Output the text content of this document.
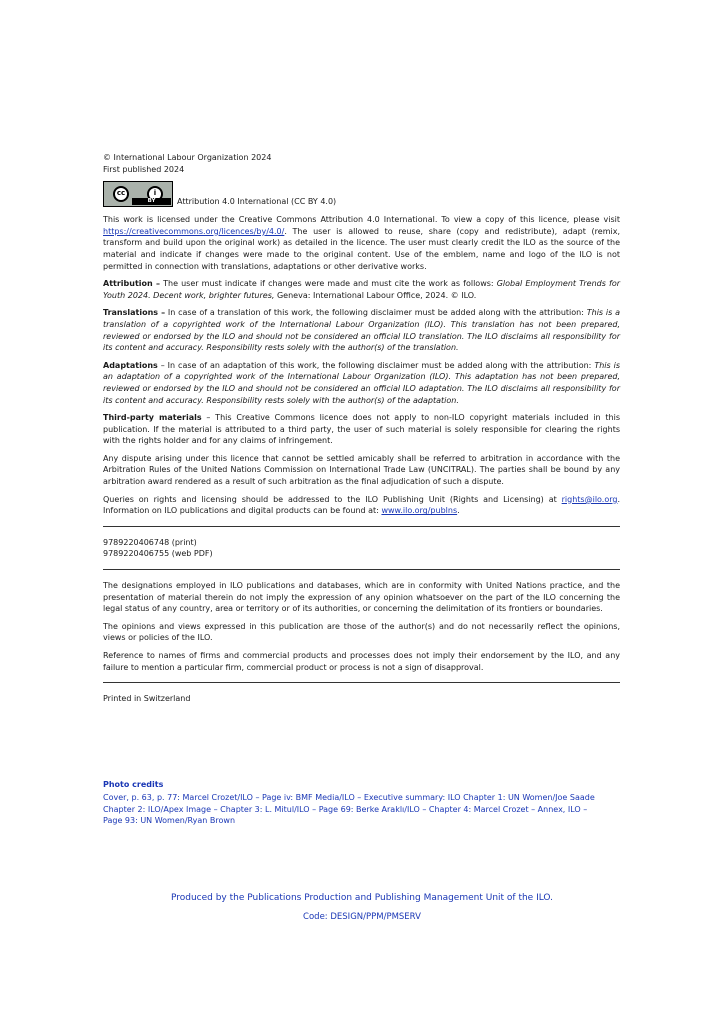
© International Labour Organization 2024
First published 2024
cc	i
BY	Attribution 4.0 International (CC BY 4.0)

This work is licensed under the Creative Commons Attribution 4.0 International. To view a copy of this licence, please visit https://creativecommons.org/licences/by/4.0/. The user is allowed to reuse, share (copy and redistribute), adapt (remix, transform and build upon the original work) as detailed in the licence. The user must clearly credit the ILO as the source of the material and indicate if changes were made to the original content. Use of the emblem, name and logo of the ILO is not permitted in connection with translations, adaptations or other derivative works.

Attribution – The user must indicate if changes were made and must cite the work as follows: Global Employment Trends for Youth 2024. Decent work, brighter futures, Geneva: International Labour Office, 2024. © ILO.

Translations – In case of a translation of this work, the following disclaimer must be added along with the attribution: This is a translation of a copyrighted work of the International Labour Organization (ILO). This translation has not been prepared, reviewed or endorsed by the ILO and should not be considered an official ILO translation. The ILO disclaims all responsibility for its content and accuracy. Responsibility rests solely with the author(s) of the translation.

Adaptations – In case of an adaptation of this work, the following disclaimer must be added along with the attribution: This is an adaptation of a copyrighted work of the International Labour Organization (ILO). This adaptation has not been prepared, reviewed or endorsed by the ILO and should not be considered an official ILO adaptation. The ILO disclaims all responsibility for its content and accuracy. Responsibility rests solely with the author(s) of the adaptation.

Third-party materials – This Creative Commons licence does not apply to non-ILO copyright materials included in this publication. If the material is attributed to a third party, the user of such material is solely responsible for clearing the rights with the rights holder and for any claims of infringement.

Any dispute arising under this licence that cannot be settled amicably shall be referred to arbitration in accordance with the Arbitration Rules of the United Nations Commission on International Trade Law (UNCITRAL). The parties shall be bound by any arbitration award rendered as a result of such arbitration as the final adjudication of such a dispute.

Queries on rights and licensing should be addressed to the ILO Publishing Unit (Rights and Licensing) at rights@ilo.org. Information on ILO publications and digital products can be found at: www.ilo.org/publns.

9789220406748 (print)
9789220406755 (web PDF)

The designations employed in ILO publications and databases, which are in conformity with United Nations practice, and the presentation of material therein do not imply the expression of any opinion whatsoever on the part of the ILO concerning the legal status of any country, area or territory or of its authorities, or concerning the delimitation of its frontiers or boundaries.

The opinions and views expressed in this publication are those of the author(s) and do not necessarily reflect the opinions, views or policies of the ILO.

Reference to names of firms and commercial products and processes does not imply their endorsement by the ILO, and any failure to mention a particular firm, commercial product or process is not a sign of disapproval.

Printed in Switzerland
Photo credits
Cover, p. 63, p. 77: Marcel Crozet/ILO – Page iv: BMF Media/ILO – Executive summary: ILO Chapter 1: UN Women/Joe Saade
Chapter 2: ILO/Apex Image – Chapter 3: L. Mitul/ILO – Page 69: Berke Araklı/ILO – Chapter 4: Marcel Crozet – Annex, ILO –
Page 93: UN Women/Ryan Brown
Produced by the Publications Production and Publishing Management Unit of the ILO.
Code: DESIGN/PPM/PMSERV
